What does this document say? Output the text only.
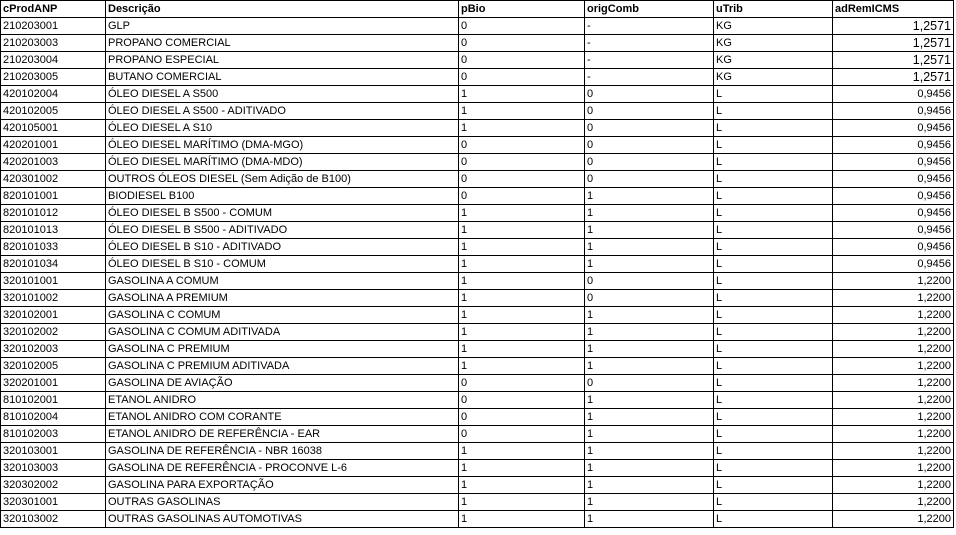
cProdANP	Descrição	pBio	origComb	uTrib	adRemICMS
210203001	GLP	0	-	KG	1,2571
210203003	PROPANO COMERCIAL	0	-	KG	1,2571
210203004	PROPANO ESPECIAL	0	-	KG	1,2571
210203005	BUTANO COMERCIAL	0	-	KG	1,2571
420102004	ÓLEO DIESEL A S500	1	0	L	0,9456
420102005	ÓLEO DIESEL A S500 - ADITIVADO	1	0	L	0,9456
420105001	ÓLEO DIESEL A S10	1	0	L	0,9456
420201001	ÓLEO DIESEL MARÍTIMO (DMA-MGO)	0	0	L	0,9456
420201003	ÓLEO DIESEL MARÍTIMO (DMA-MDO)	0	0	L	0,9456
420301002	OUTROS ÓLEOS DIESEL (Sem Adição de B100)	0	0	L	0,9456
820101001	BIODIESEL B100	0	1	L	0,9456
820101012	ÓLEO DIESEL B S500 - COMUM	1	1	L	0,9456
820101013	ÓLEO DIESEL B S500 - ADITIVADO	1	1	L	0,9456
820101033	ÓLEO DIESEL B S10 - ADITIVADO	1	1	L	0,9456
820101034	ÓLEO DIESEL B S10 - COMUM	1	1	L	0,9456
320101001	GASOLINA A COMUM	1	0	L	1,2200
320101002	GASOLINA A PREMIUM	1	0	L	1,2200
320102001	GASOLINA C COMUM	1	1	L	1,2200
320102002	GASOLINA C COMUM ADITIVADA	1	1	L	1,2200
320102003	GASOLINA C PREMIUM	1	1	L	1,2200
320102005	GASOLINA C PREMIUM ADITIVADA	1	1	L	1,2200
320201001	GASOLINA DE AVIAÇÃO	0	0	L	1,2200
810102001	ETANOL ANIDRO	0	1	L	1,2200
810102004	ETANOL ANIDRO COM CORANTE	0	1	L	1,2200
810102003	ETANOL ANIDRO DE REFERÊNCIA - EAR	0	1	L	1,2200
320103001	GASOLINA DE REFERÊNCIA - NBR 16038	1	1	L	1,2200
320103003	GASOLINA DE REFERÊNCIA - PROCONVE L-6	1	1	L	1,2200
320302002	GASOLINA PARA EXPORTAÇÃO	1	1	L	1,2200
320301001	OUTRAS GASOLINAS	1	1	L	1,2200
320103002	OUTRAS GASOLINAS AUTOMOTIVAS	1	1	L	1,2200
